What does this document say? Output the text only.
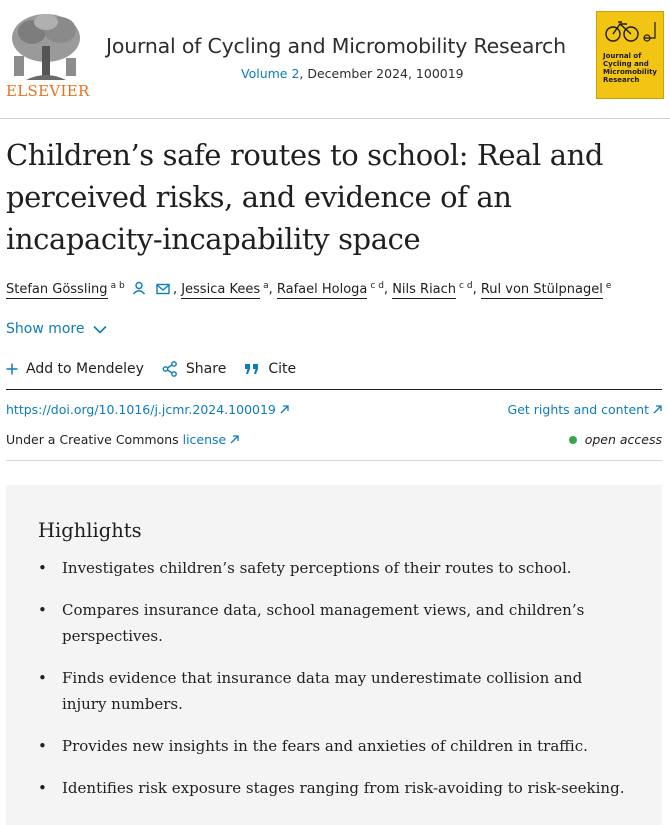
ELSEVIER
Journal of Cycling and Micromobility Research
Volume 2, December 2024, 100019
Journal of Cycling and Micromobility Research
Children’s safe routes to school: Real and perceived risks, and evidence of an incapacity-incapability space
Stefan Gössling $^{a b}$	, Jessica Kees $^a$, Rafael Hologa $^{c d}$, Nils Riach $^{c d}$, Rul von Stülpnagel $^e$
Show more
Add to Mendeley	Share	Cite
https://doi.org/10.1016/j.jcmr.2024.100019	Get rights and content
Under a Creative Commons license	open access
Highlights
• Investigates children’s safety perceptions of their routes to school.
• Compares insurance data, school management views, and children’s perspectives.
• Finds evidence that insurance data may underestimate collision and injury numbers.
• Provides new insights in the fears and anxieties of children in traffic.
• Identifies risk exposure stages ranging from risk-avoiding to risk-seeking.
